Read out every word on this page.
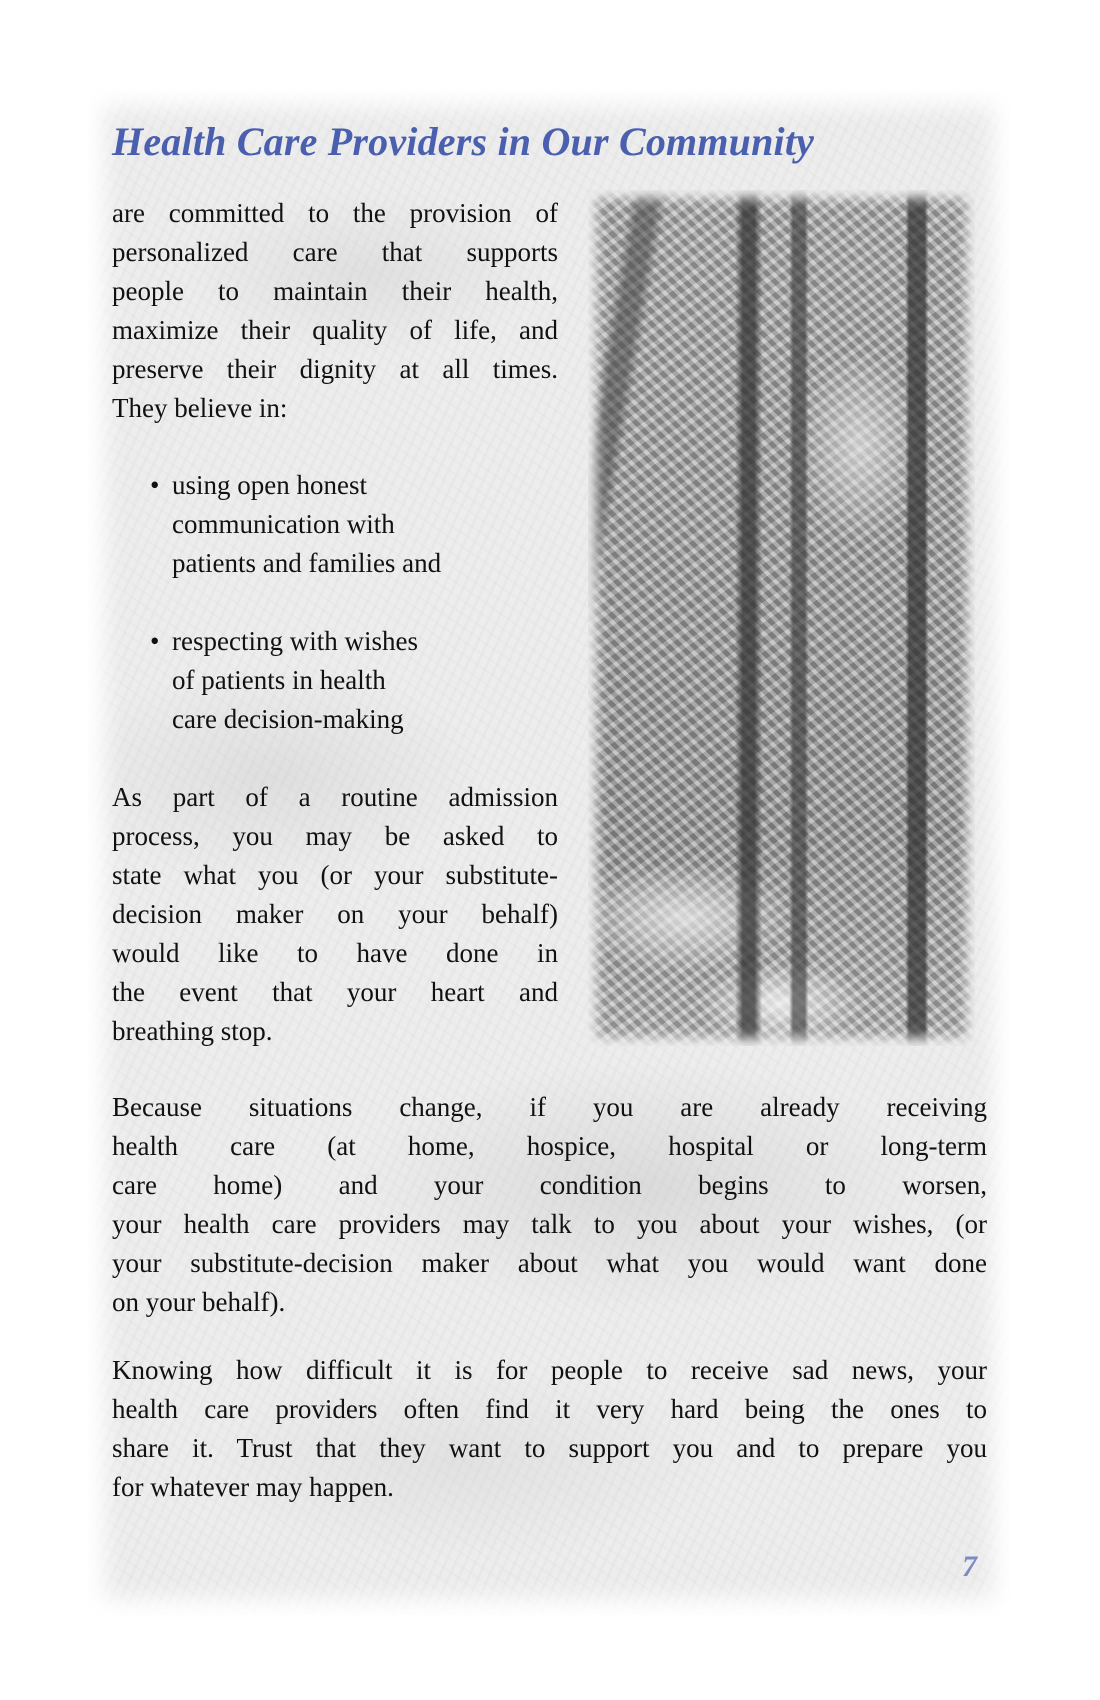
Health Care Providers in Our Community

are committed to the provision of
personalized care that supports
people to maintain their health,
maximize their quality of life, and
preserve their dignity at all times.
They believe in:

• using open honest
communication with
patients and families and
• respecting with wishes
of patients in health
care decision-making

As part of a routine admission
process, you may be asked to
state what you (or your substitute-
decision maker on your behalf)
would like to have done in
the event that your heart and
breathing stop.

Because situations change, if you are already receiving
health care (at home, hospice, hospital or long-term
care home) and your condition begins to worsen,
your health care providers may talk to you about your wishes, (or
your substitute-decision maker about what you would want done
on your behalf).

Knowing how difficult it is for people to receive sad news, your
health care providers often find it very hard being the ones to
share it. Trust that they want to support you and to prepare you
for whatever may happen.

7
